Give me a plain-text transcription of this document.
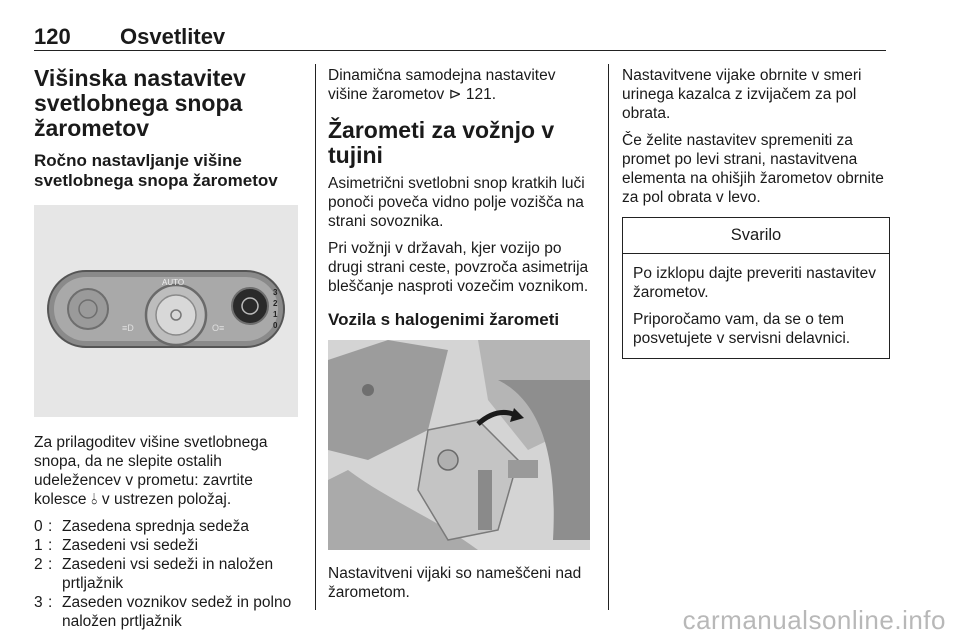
120 Osvetlitev
Višinska nastavitev svetlobnega snopa žarometov
Ročno nastavljanje višine svetlobnega snopa žarometov
AUTO
≡D	O≡
3
2
1
0

Za prilagoditev višine svetlobnega snopa, da ne slepite ostalih udeležencev v prometu: zavrtite kolesce ⫰ v ustrezen položaj.

0 : Zasedena sprednja sedeža
1 : Zasedeni vsi sedeži
2 : Zasedeni vsi sedeži in naložen prtljažnik
3 : Zaseden voznikov sedež in polno naložen prtljažnik

Dinamična samodejna nastavitev višine žarometov ⊳ 121.

Žarometi za vožnjo v tujini

Asimetrični svetlobni snop kratkih luči ponoči poveča vidno polje vozišča na strani sovoznika.

Pri vožnji v državah, kjer vozijo po drugi strani ceste, povzroča asimetrija bleščanje nasproti vozečim voznikom.

Vozila s halogenimi žarometi

Nastavitveni vijaki so nameščeni nad žarometom.

Nastavitvene vijake obrnite v smeri urinega kazalca z izvijačem za pol obrata.

Če želite nastavitev spremeniti za promet po levi strani, nastavitvena elementa na ohišjih žarometov obrnite za pol obrata v levo.

Svarilo

Po izklopu dajte preveriti nastavitev žarometov.

Priporočamo vam, da se o tem posvetujete v servisni delavnici.

carmanualsonline.info
